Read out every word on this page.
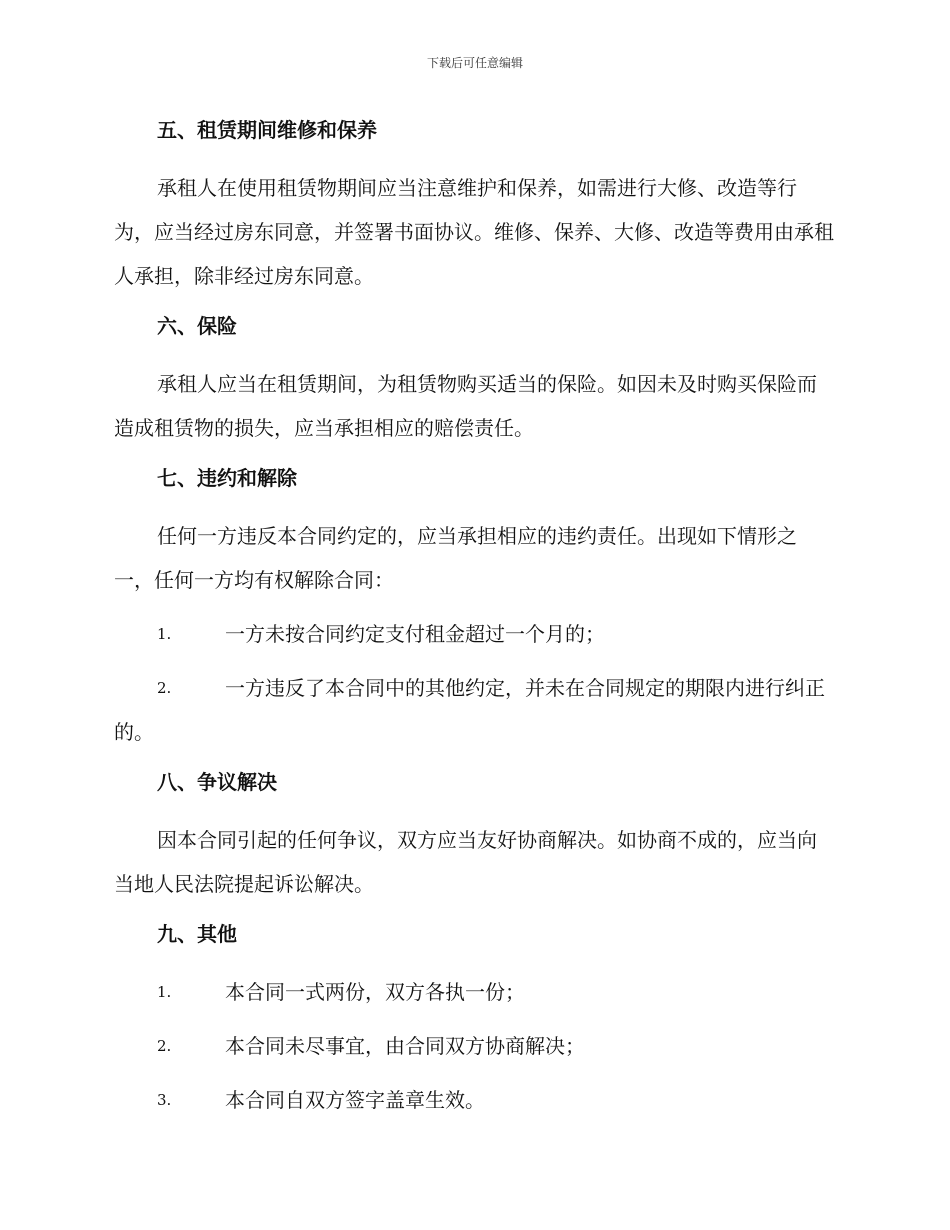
下载后可任意编辑
五、租赁期间维修和保养

承租人在使用租赁物期间应当注意维护和保养，如需进行大修、改造等行为，应当经过房东同意，并签署书面协议。维修、保养、大修、改造等费用由承租人承担，除非经过房东同意。

六、保险

承租人应当在租赁期间，为租赁物购买适当的保险。如因未及时购买保险而造成租赁物的损失，应当承担相应的赔偿责任。

七、违约和解除

任何一方违反本合同约定的，应当承担相应的违约责任。出现如下情形之一，任何一方均有权解除合同：

1.	一方未按合同约定支付租金超过一个月的；

2.	一方违反了本合同中的其他约定，并未在合同规定的期限内进行纠正的。

八、争议解决

因本合同引起的任何争议，双方应当友好协商解决。如协商不成的，应当向当地人民法院提起诉讼解决。

九、其他

1.	本合同一式两份，双方各执一份；

2.	本合同未尽事宜，由合同双方协商解决；

3.	本合同自双方签字盖章生效。
